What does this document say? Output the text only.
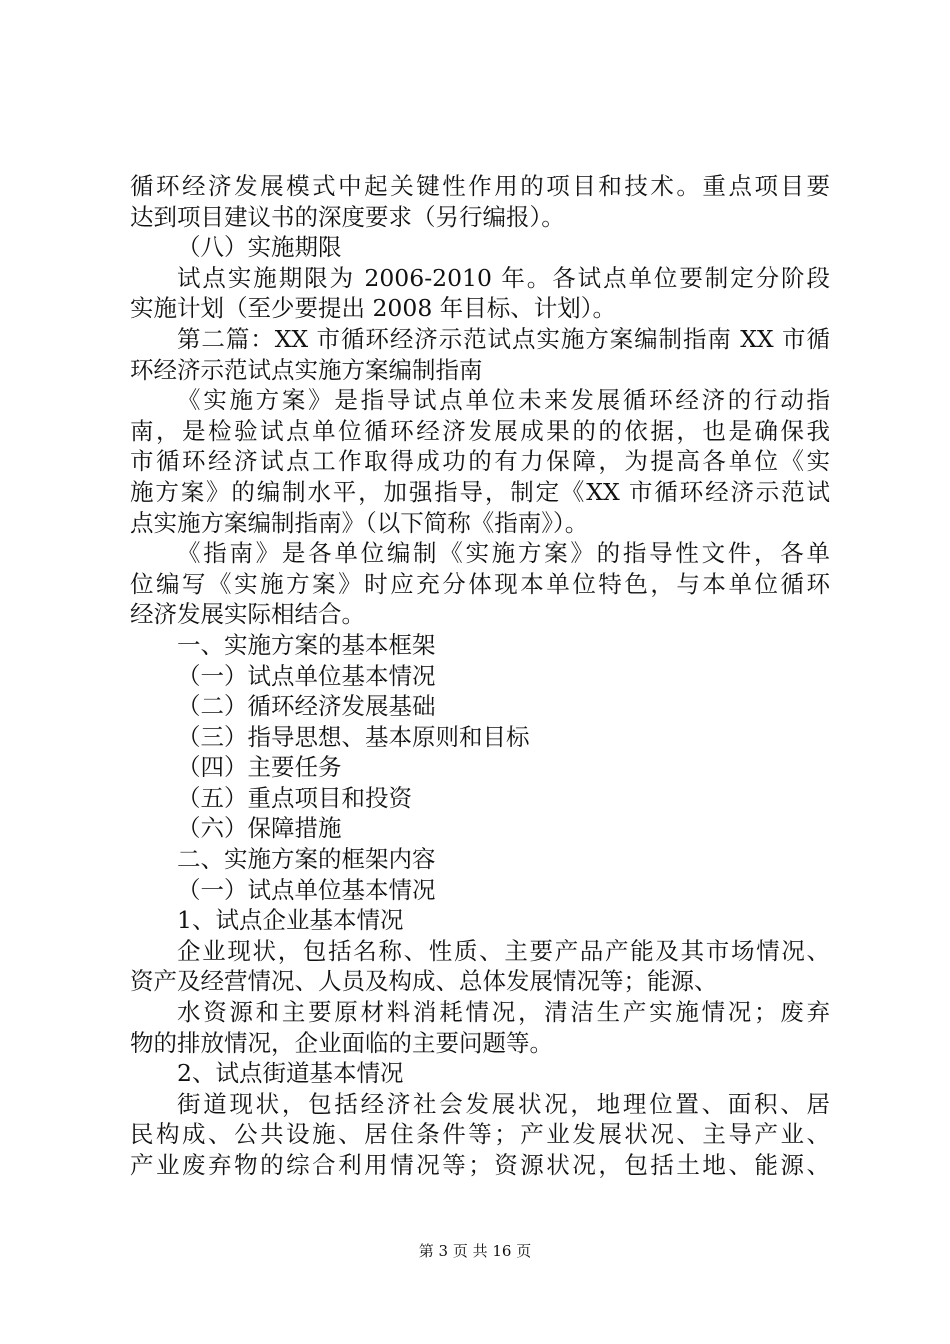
循环经济发展模式中起关键性作用的项目和技术。重点项目要
达到项目建议书的深度要求（另行编报）。
（八）实施期限
试点实施期限为 2006-2010 年。各试点单位要制定分阶段
实施计划（至少要提出 2008 年目标、计划）。
第二篇：XX 市循环经济示范试点实施方案编制指南 XX 市循
环经济示范试点实施方案编制指南
《实施方案》是指导试点单位未来发展循环经济的行动指
南，是检验试点单位循环经济发展成果的的依据，也是确保我
市循环经济试点工作取得成功的有力保障，为提高各单位《实
施方案》的编制水平，加强指导，制定《XX 市循环经济示范试
点实施方案编制指南》（以下简称《指南》）。
《指南》是各单位编制《实施方案》的指导性文件，各单
位编写《实施方案》时应充分体现本单位特色，与本单位循环
经济发展实际相结合。
一、实施方案的基本框架
（一）试点单位基本情况
（二）循环经济发展基础
（三）指导思想、基本原则和目标
（四）主要任务
（五）重点项目和投资
（六）保障措施
二、实施方案的框架内容
（一）试点单位基本情况
1、试点企业基本情况
企业现状，包括名称、性质、主要产品产能及其市场情况、
资产及经营情况、人员及构成、总体发展情况等；能源、
水资源和主要原材料消耗情况，清洁生产实施情况；废弃
物的排放情况，企业面临的主要问题等。
2、试点街道基本情况
街道现状，包括经济社会发展状况，地理位置、面积、居
民构成、公共设施、居住条件等；产业发展状况、主导产业、
产业废弃物的综合利用情况等；资源状况，包括土地、能源、
第 3 页 共 16 页
